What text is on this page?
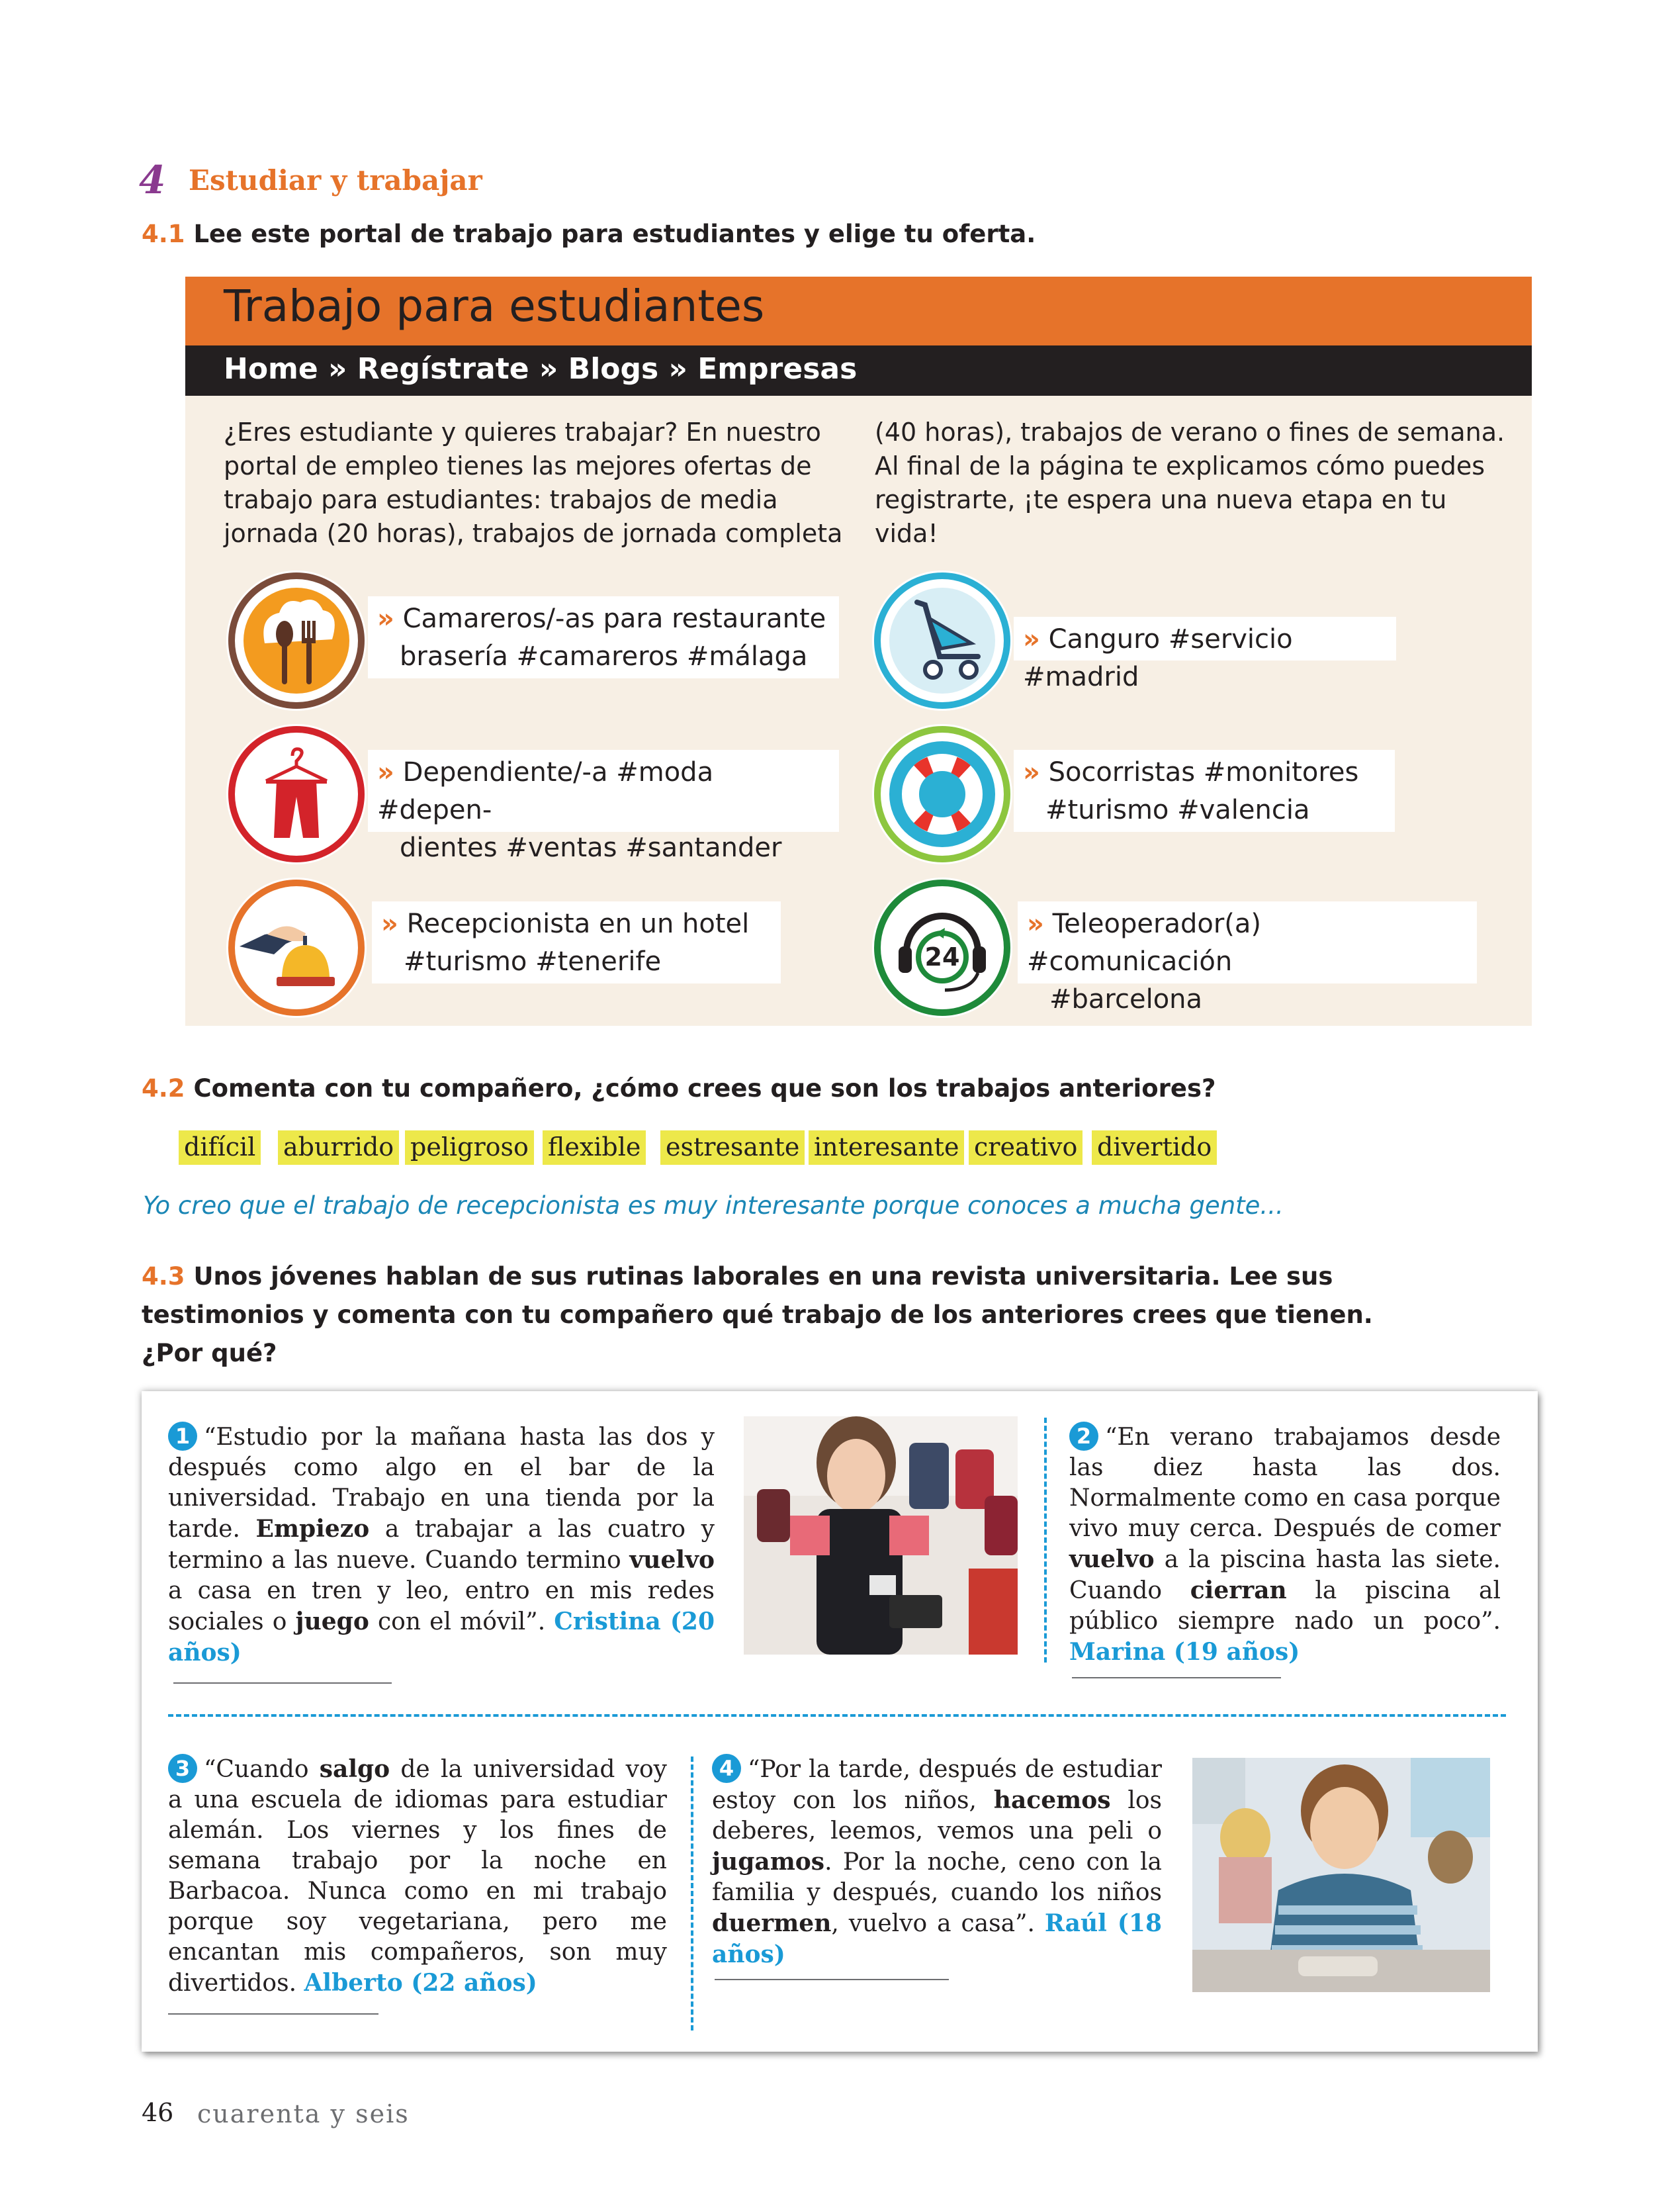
4 Estudiar y trabajar
4.1 Lee este portal de trabajo para estudiantes y elige tu oferta.
Trabajo para estudiantes
Home » Regístrate » Blogs » Empresas
¿Eres estudiante y quieres trabajar? En nuestro
portal de empleo tienes las mejores ofertas de
trabajo para estudiantes: trabajos de media
jornada (20 horas), trabajos de jornada completa
(40 horas), trabajos de verano o fines de semana.
Al final de la página te explicamos cómo puedes
registrarte, ¡te espera una nueva etapa en tu vida!
» Camareros/-as para restaurante
brasería #camareros #málaga
» Canguro #servicio #madrid
» Dependiente/-a #moda #depen-
dientes #ventas #santander
» Socorristas #monitores
#turismo #valencia
» Recepcionista en un hotel
#turismo #tenerife	24
» Teleoperador(a) #comunicación
#barcelona
4.2 Comenta con tu compañero, ¿cómo crees que son los trabajos anteriores?
difícil aburrido peligroso flexible estresante interesante creativo divertido
Yo creo que el trabajo de recepcionista es muy interesante porque conoces a mucha gente...
4.3 Unos jóvenes hablan de sus rutinas laborales en una revista universitaria. Lee sus
testimonios y comenta con tu compañero qué trabajo de los anteriores crees que tienen.
¿Por qué?
1 “Estudio por la mañana hasta las dos y después como algo en el bar de la universidad. Trabajo en una tienda por la tarde. Empiezo a trabajar a las cuatro y termino a las nueve. Cuando termino vuelvo a casa en tren y leo, entro en mis redes sociales o juego con el móvil”. Cristina (20 años)
2 “En verano trabajamos desde las diez hasta las dos. Normalmente como en casa porque vivo muy cerca. Después de comer vuelvo a la piscina hasta las siete. Cuando cierran la piscina al público siempre nado un poco”. Marina (19 años)
3 “Cuando salgo de la universidad voy a una escuela de idiomas para estudiar alemán. Los viernes y los fines de semana trabajo por la noche en Barbacoa. Nunca como en mi trabajo porque soy vegetariana, pero me encantan mis compañeros, son muy divertidos. Alberto (22 años)
4 “Por la tarde, después de estudiar estoy con los niños, hacemos los deberes, leemos, vemos una peli o jugamos. Por la noche, ceno con la familia y después, cuando los niños duermen, vuelvo a casa”. Raúl (18 años)
46 cuarenta y seis
